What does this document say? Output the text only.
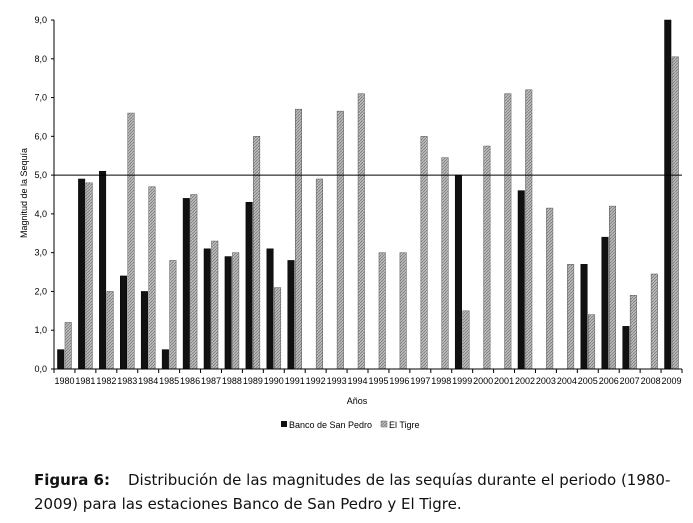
0,0
1,0
2,0
3,0
4,0
5,0
6,0
7,0
8,0
9,0
1980 1981 1982 1983 1984 1985 1986 1987 1988 1989 1990 1991 1992 1993 1994 1995 1996 1997 1998 1999 2000 2001 2002 2003 2004 2005 2006 2007 2008 2009
Magnitud de la Sequía
Años
Banco de San Pedro El Tigre
Figura 6: Distribución de las magnitudes de las sequías durante el periodo (1980-2009) para las estaciones Banco de San Pedro y El Tigre.
